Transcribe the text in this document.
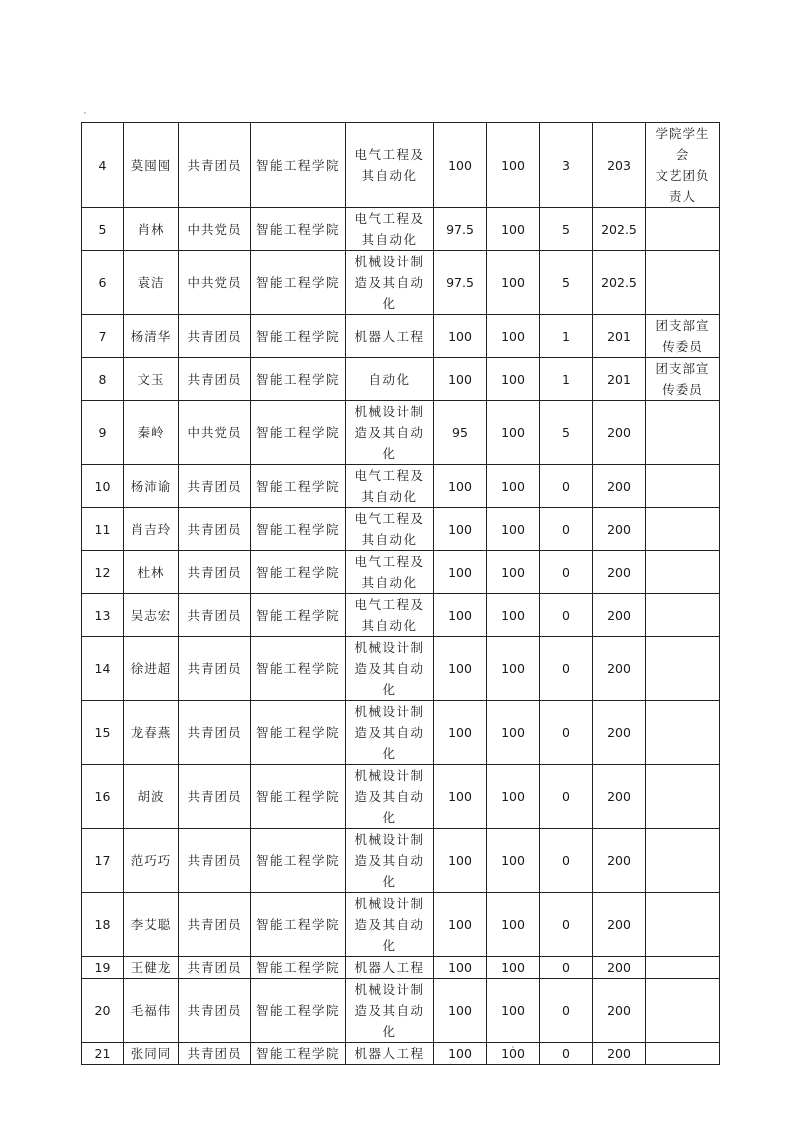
4	莫囤囤	共青团员	智能工程学院	电气工程及
其自动化	100	100	3	203	学院学生会
文艺团负
责人
5	肖林	中共党员	智能工程学院	电气工程及
其自动化	97.5	100	5	202.5	
6	袁洁	中共党员	智能工程学院	机械设计制
造及其自动
化	97.5	100	5	202.5	
7	杨清华	共青团员	智能工程学院	机器人工程	100	100	1	201	团支部宣
传委员
8	文玉	共青团员	智能工程学院	自动化	100	100	1	201	团支部宣
传委员
9	秦岭	中共党员	智能工程学院	机械设计制
造及其自动
化	95	100	5	200	
10	杨沛谕	共青团员	智能工程学院	电气工程及
其自动化	100	100	0	200	
11	肖吉玲	共青团员	智能工程学院	电气工程及
其自动化	100	100	0	200	
12	杜林	共青团员	智能工程学院	电气工程及
其自动化	100	100	0	200	
13	吴志宏	共青团员	智能工程学院	电气工程及
其自动化	100	100	0	200	
14	徐进超	共青团员	智能工程学院	机械设计制
造及其自动
化	100	100	0	200	
15	龙春燕	共青团员	智能工程学院	机械设计制
造及其自动
化	100	100	0	200	
16	胡波	共青团员	智能工程学院	机械设计制
造及其自动
化	100	100	0	200	
17	范巧巧	共青团员	智能工程学院	机械设计制
造及其自动
化	100	100	0	200	
18	李艾聪	共青团员	智能工程学院	机械设计制
造及其自动
化	100	100	0	200	
19	王健龙	共青团员	智能工程学院	机器人工程	100	100	0	200	
20	毛福伟	共青团员	智能工程学院	机械设计制
造及其自动
化	100	100	0	200	
21	张同同	共青团员	智能工程学院	机器人工程	100	100	0	200	
